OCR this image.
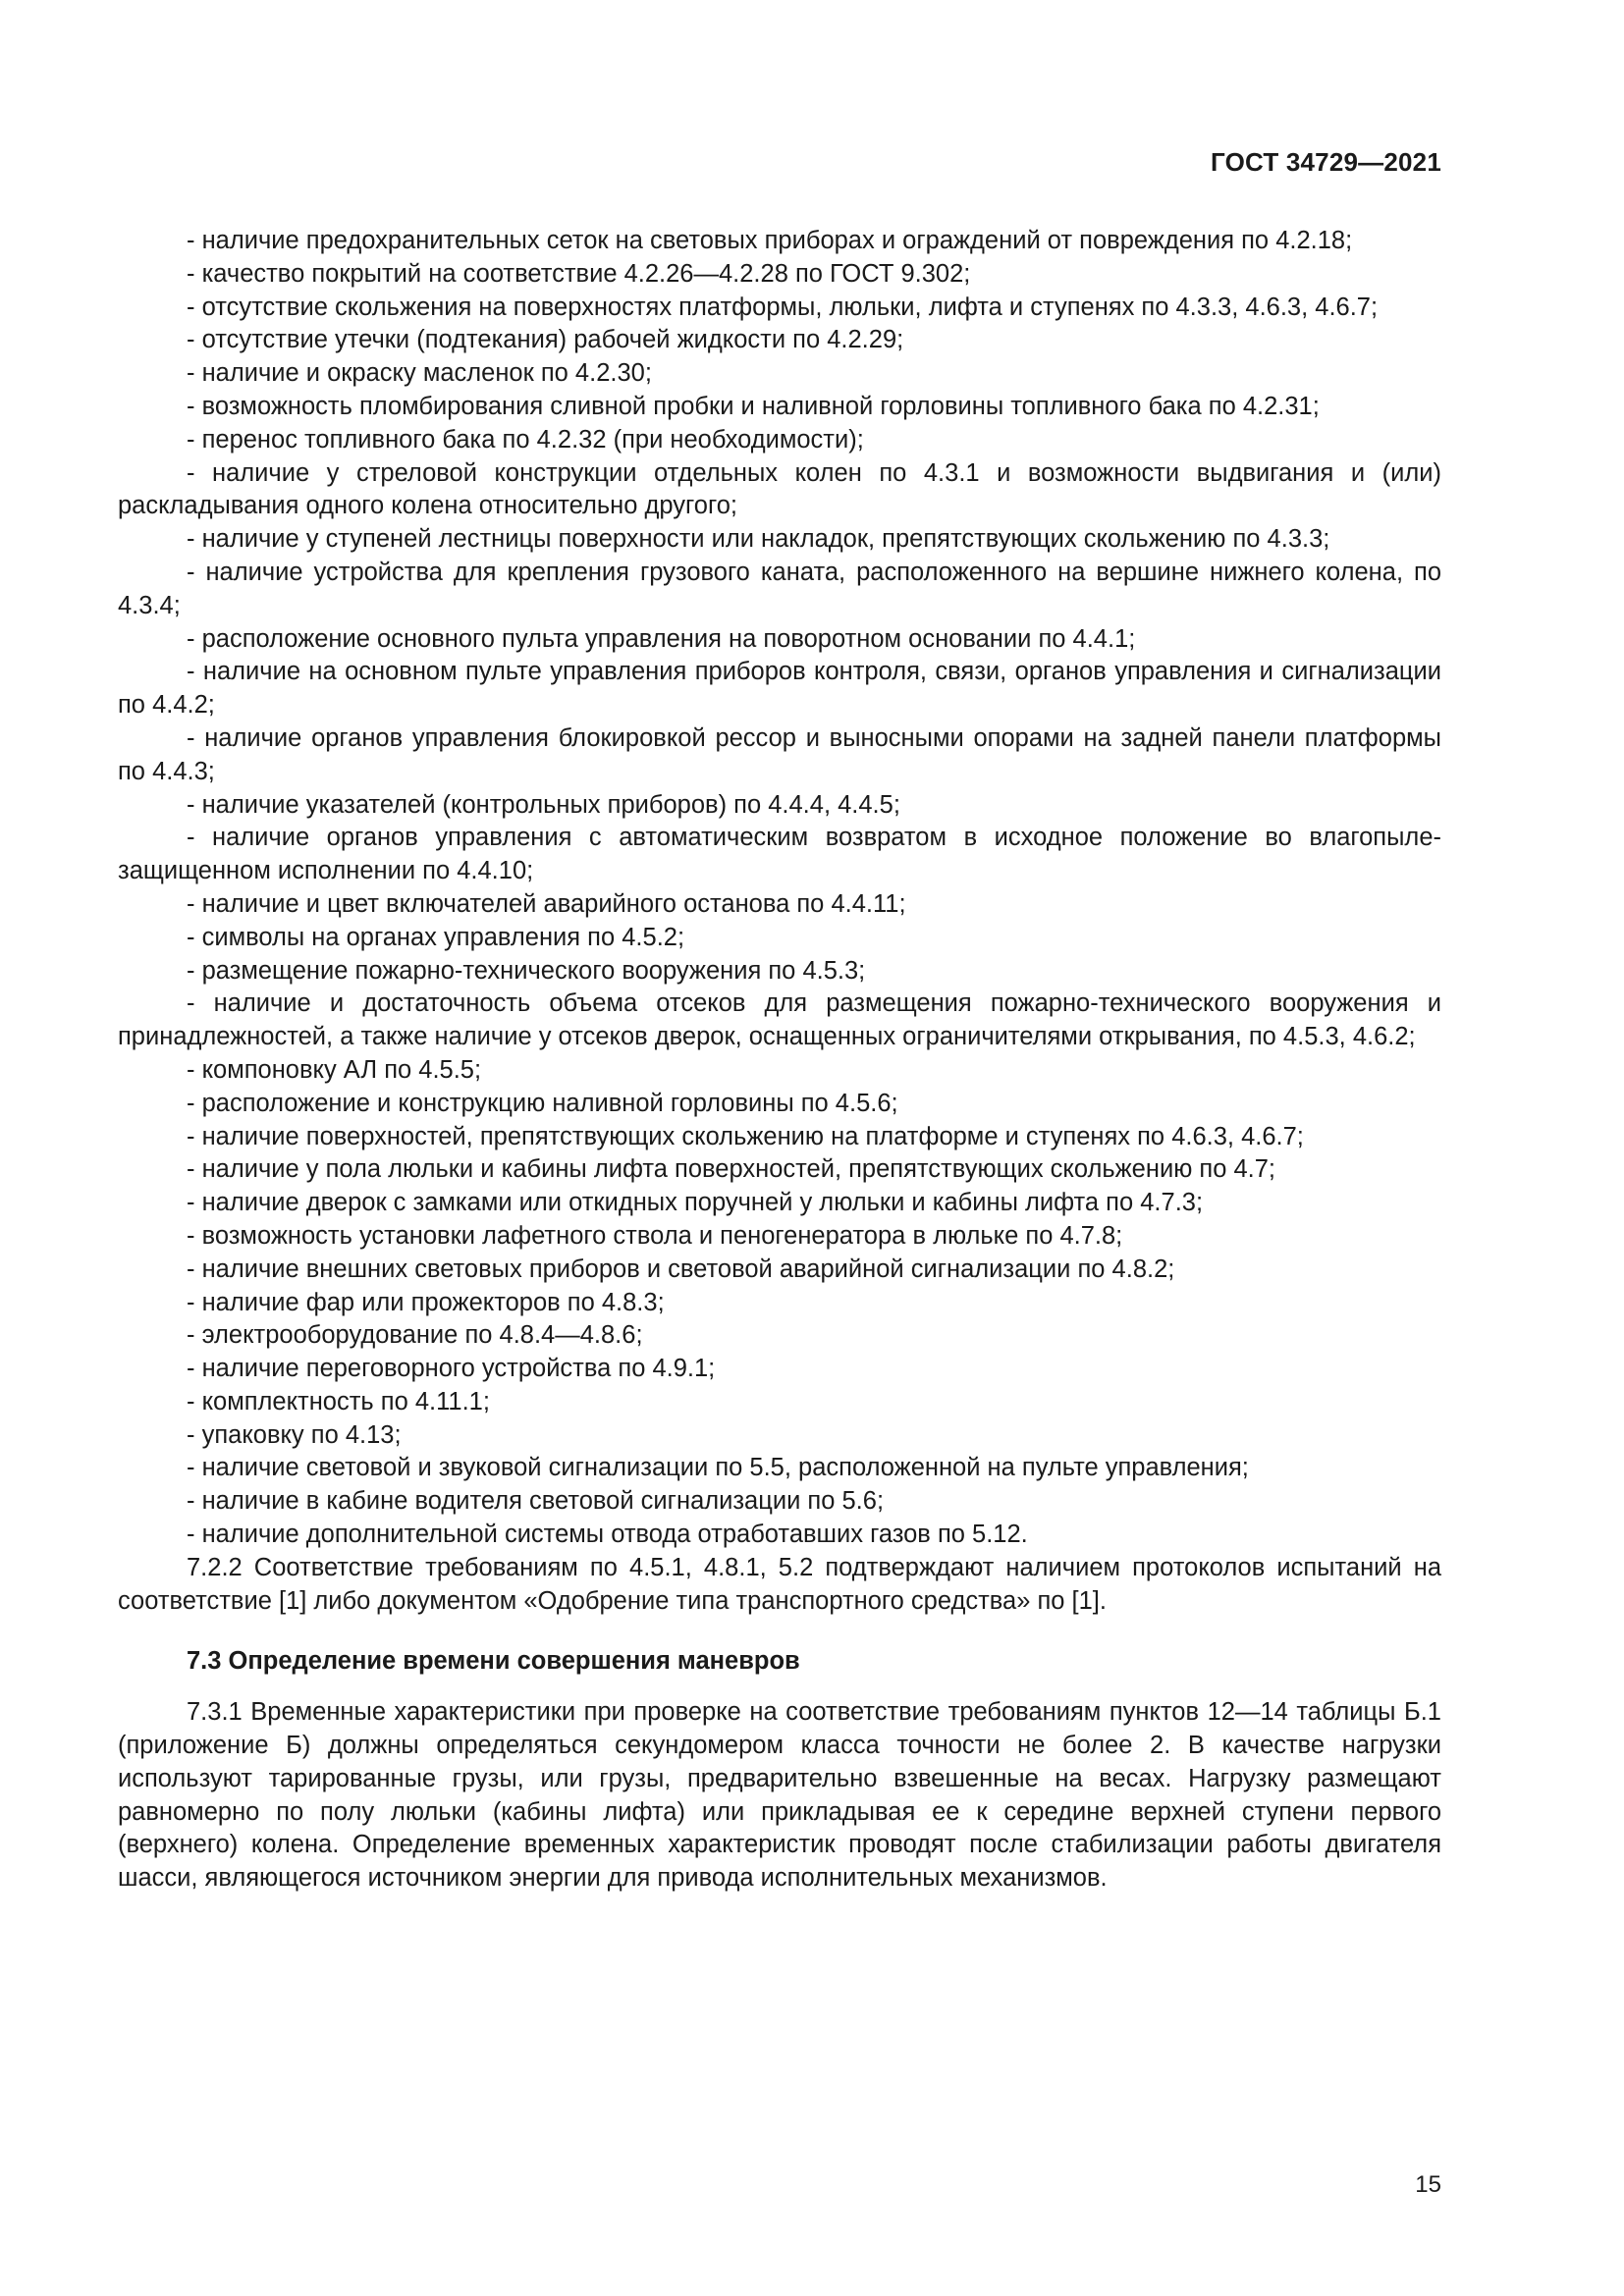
ГОСТ 34729—2021

- наличие предохранительных сеток на световых приборах и ограждений от повреждения по 4.2.18;

- качество покрытий на соответствие 4.2.26—4.2.28 по ГОСТ 9.302;

- отсутствие скольжения на поверхностях платформы, люльки, лифта и ступенях по 4.3.3, 4.6.3, 4.6.7;

- отсутствие утечки (подтекания) рабочей жидкости по 4.2.29;

- наличие и окраску масленок по 4.2.30;

- возможность пломбирования сливной пробки и наливной горловины топливного бака по 4.2.31;

- перенос топливного бака по 4.2.32 (при необходимости);

- наличие у стреловой конструкции отдельных колен по 4.3.1 и возможности выдвигания и (или) раскладывания одного колена относительно другого;

- наличие у ступеней лестницы поверхности или накладок, препятствующих скольжению по 4.3.3;

- наличие устройства для крепления грузового каната, расположенного на вершине нижнего колена, по 4.3.4;

- расположение основного пульта управления на поворотном основании по 4.4.1;

- наличие на основном пульте управления приборов контроля, связи, органов управления и сигнализации по 4.4.2;

- наличие органов управления блокировкой рессор и выносными опорами на задней панели платформы по 4.4.3;

- наличие указателей (контрольных приборов) по 4.4.4, 4.4.5;

- наличие органов управления с автоматическим возвратом в исходное положение во влагопылезащищенном исполнении по 4.4.10;

- наличие и цвет включателей аварийного останова по 4.4.11;

- символы на органах управления по 4.5.2;

- размещение пожарно-технического вооружения по 4.5.3;

- наличие и достаточность объема отсеков для размещения пожарно-технического вооружения и принадлежностей, а также наличие у отсеков дверок, оснащенных ограничителями открывания, по 4.5.3, 4.6.2;

- компоновку АЛ по 4.5.5;

- расположение и конструкцию наливной горловины по 4.5.6;

- наличие поверхностей, препятствующих скольжению на платформе и ступенях по 4.6.3, 4.6.7;

- наличие у пола люльки и кабины лифта поверхностей, препятствующих скольжению по 4.7;

- наличие дверок с замками или откидных поручней у люльки и кабины лифта по 4.7.3;

- возможность установки лафетного ствола и пеногенератора в люльке по 4.7.8;

- наличие внешних световых приборов и световой аварийной сигнализации по 4.8.2;

- наличие фар или прожекторов по 4.8.3;

- электрооборудование по 4.8.4—4.8.6;

- наличие переговорного устройства по 4.9.1;

- комплектность по 4.11.1;

- упаковку по 4.13;

- наличие световой и звуковой сигнализации по 5.5, расположенной на пульте управления;

- наличие в кабине водителя световой сигнализации по 5.6;

- наличие дополнительной системы отвода отработавших газов по 5.12.

7.2.2 Соответствие требованиям по 4.5.1, 4.8.1, 5.2 подтверждают наличием протоколов испытаний на соответствие [1] либо документом «Одобрение типа транспортного средства» по [1].

7.3 Определение времени совершения маневров

7.3.1 Временные характеристики при проверке на соответствие требованиям пунктов 12—14 таблицы Б.1 (приложение Б) должны определяться секундомером класса точности не более 2. В качестве нагрузки используют тарированные грузы, или грузы, предварительно взвешенные на весах. Нагрузку размещают равномерно по полу люльки (кабины лифта) или прикладывая ее к середине верхней ступени первого (верхнего) колена. Определение временных характеристик проводят после стабилизации работы двигателя шасси, являющегося источником энергии для привода исполнительных механизмов.

15
